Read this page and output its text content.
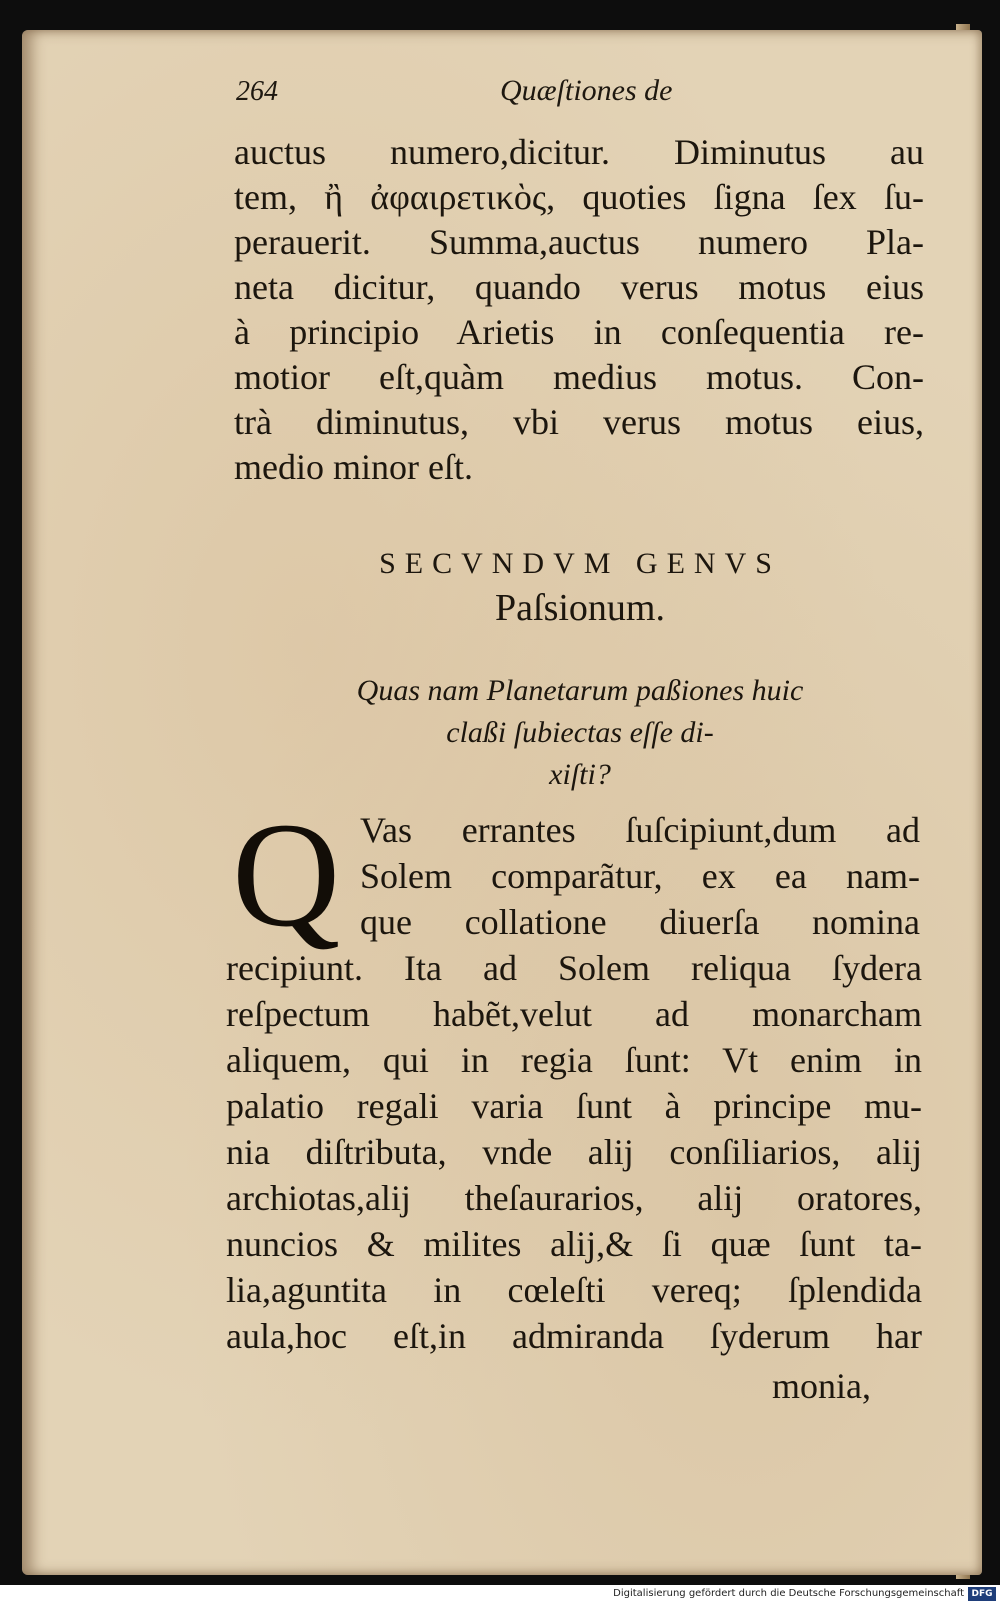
264	Quæſtiones de
auctus numero,dicitur. Diminutus au
tem, ἢ ἀφαιρετικὸς, quoties ſigna ſex ſu-
perauerit. Summa,auctus numero Pla-
neta dicitur, quando verus motus eius
à principio Arietis in conſequentia re-
motior eſt,quàm medius motus. Con-
trà diminutus, vbi verus motus eius,
medio minor eſt.
SECVNDVM GENVS
Paſsionum.
Quas nam Planetarum paßiones huic
claßi ſubiectas eſſe di-
xiſti?
Q Vas errantes ſuſcipiunt,dum ad
Solem comparãtur, ex ea nam-
que collatione diuerſa nomina
recipiunt. Ita ad Solem reliqua ſydera
reſpectum habẽt,velut ad monarcham
aliquem, qui in regia ſunt: Vt enim in
palatio regali varia ſunt à principe mu-
nia diſtributa, vnde alij conſiliarios, alij
archiotas,alij theſaurarios, alij oratores,
nuncios & milites alij,& ſi quæ ſunt ta-
lia,aguntita in cœleſti vereq; ſplendida
aula,hoc eſt,in admiranda ſyderum har
monia,
Digitalisierung gefördert durch die Deutsche Forschungsgemeinschaft DFG
